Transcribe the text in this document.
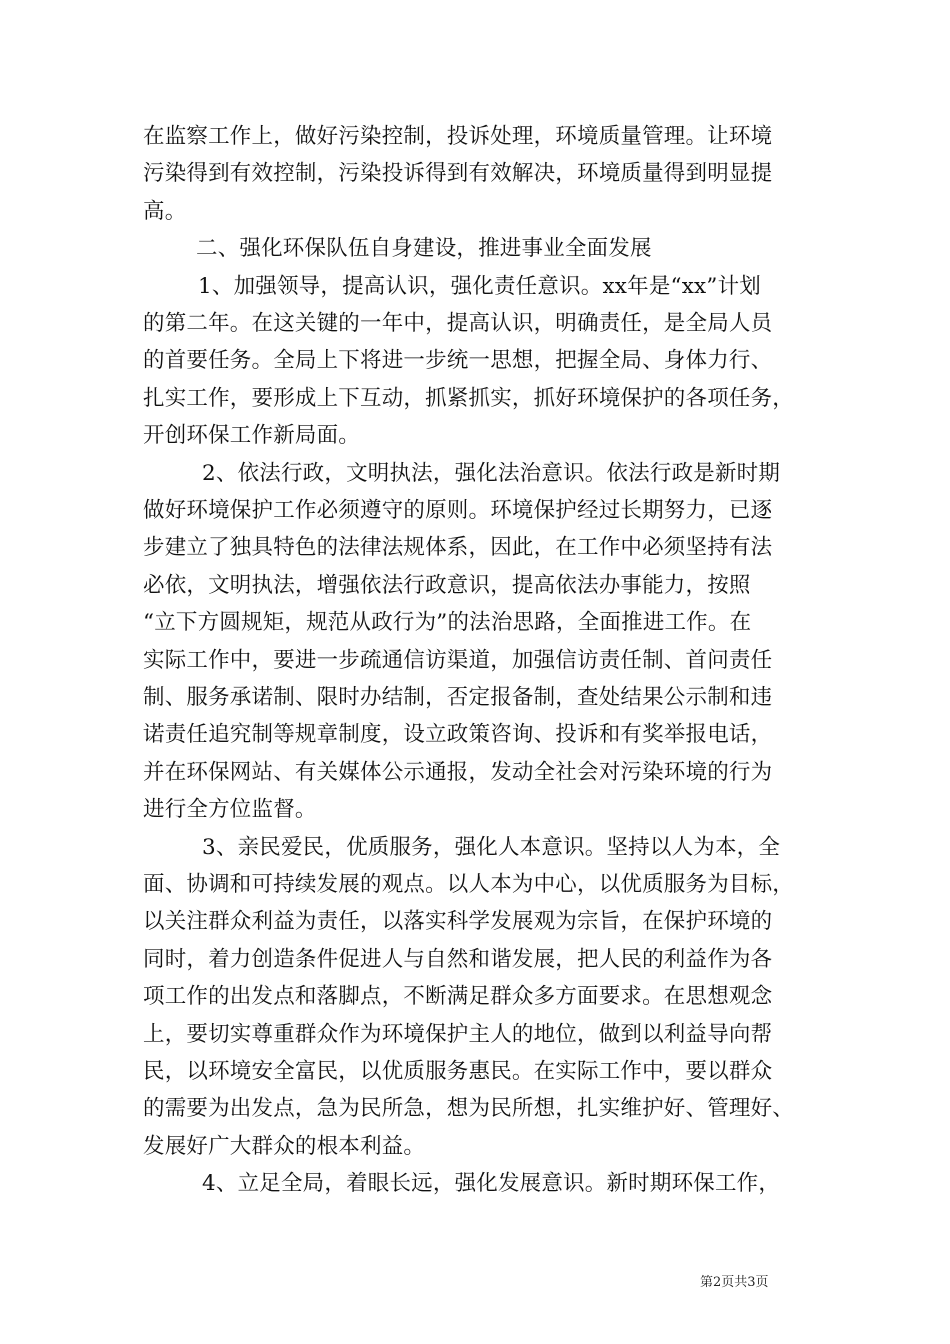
在监察工作上，做好污染控制，投诉处理，环境质量管理。让环境
污染得到有效控制，污染投诉得到有效解决，环境质量得到明显提
高。
二、强化环保队伍自身建设，推进事业全面发展
1、加强领导，提高认识，强化责任意识。xx年是“xx”计划
的第二年。在这关键的一年中，提高认识，明确责任，是全局人员
的首要任务。全局上下将进一步统一思想，把握全局、身体力行、
扎实工作，要形成上下互动，抓紧抓实，抓好环境保护的各项任务，
开创环保工作新局面。
2、依法行政，文明执法，强化法治意识。依法行政是新时期
做好环境保护工作必须遵守的原则。环境保护经过长期努力，已逐
步建立了独具特色的法律法规体系，因此，在工作中必须坚持有法
必依，文明执法，增强依法行政意识，提高依法办事能力，按照
“立下方圆规矩，规范从政行为”的法治思路，全面推进工作。在
实际工作中，要进一步疏通信访渠道，加强信访责任制、首问责任
制、服务承诺制、限时办结制，否定报备制，查处结果公示制和违
诺责任追究制等规章制度，设立政策咨询、投诉和有奖举报电话，
并在环保网站、有关媒体公示通报，发动全社会对污染环境的行为
进行全方位监督。
3、亲民爱民，优质服务，强化人本意识。坚持以人为本，全
面、协调和可持续发展的观点。以人本为中心，以优质服务为目标，
以关注群众利益为责任，以落实科学发展观为宗旨，在保护环境的
同时，着力创造条件促进人与自然和谐发展，把人民的利益作为各
项工作的出发点和落脚点，不断满足群众多方面要求。在思想观念
上，要切实尊重群众作为环境保护主人的地位，做到以利益导向帮
民，以环境安全富民，以优质服务惠民。在实际工作中，要以群众
的需要为出发点，急为民所急，想为民所想，扎实维护好、管理好、
发展好广大群众的根本利益。
4、立足全局，着眼长远，强化发展意识。新时期环保工作，
第2页共3页
